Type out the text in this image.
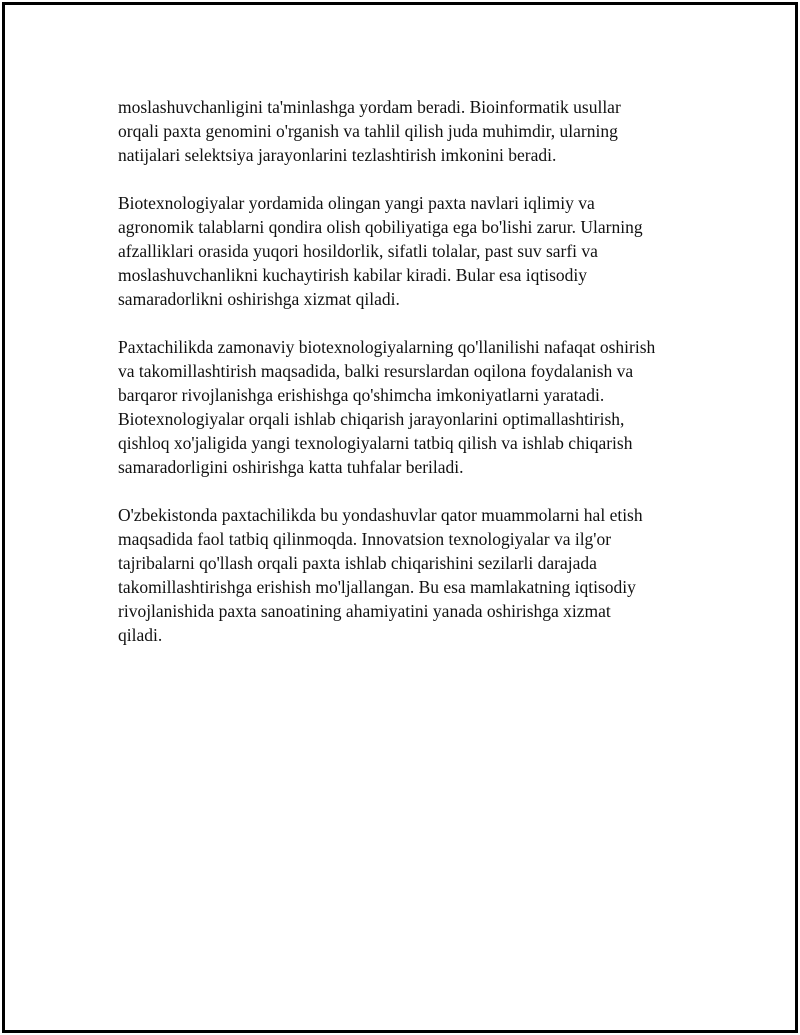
moslashuvchanligini ta'minlashga yordam beradi. Bioinformatik usullar
orqali paxta genomini o'rganish va tahlil qilish juda muhimdir, ularning
natijalari selektsiya jarayonlarini tezlashtirish imkonini beradi.

Biotexnologiyalar yordamida olingan yangi paxta navlari iqlimiy va
agronomik talablarni qondira olish qobiliyatiga ega bo'lishi zarur. Ularning
afzalliklari orasida yuqori hosildorlik, sifatli tolalar, past suv sarfi va
moslashuvchanlikni kuchaytirish kabilar kiradi. Bular esa iqtisodiy
samaradorlikni oshirishga xizmat qiladi.

Paxtachilikda zamonaviy biotexnologiyalarning qo'llanilishi nafaqat oshirish
va takomillashtirish maqsadida, balki resurslardan oqilona foydalanish va
barqaror rivojlanishga erishishga qo'shimcha imkoniyatlarni yaratadi.
Biotexnologiyalar orqali ishlab chiqarish jarayonlarini optimallashtirish,
qishloq xo'jaligida yangi texnologiyalarni tatbiq qilish va ishlab chiqarish
samaradorligini oshirishga katta tuhfalar beriladi.

O'zbekistonda paxtachilikda bu yondashuvlar qator muammolarni hal etish
maqsadida faol tatbiq qilinmoqda. Innovatsion texnologiyalar va ilg'or
tajribalarni qo'llash orqali paxta ishlab chiqarishini sezilarli darajada
takomillashtirishga erishish mo'ljallangan. Bu esa mamlakatning iqtisodiy
rivojlanishida paxta sanoatining ahamiyatini yanada oshirishga xizmat
qiladi.
